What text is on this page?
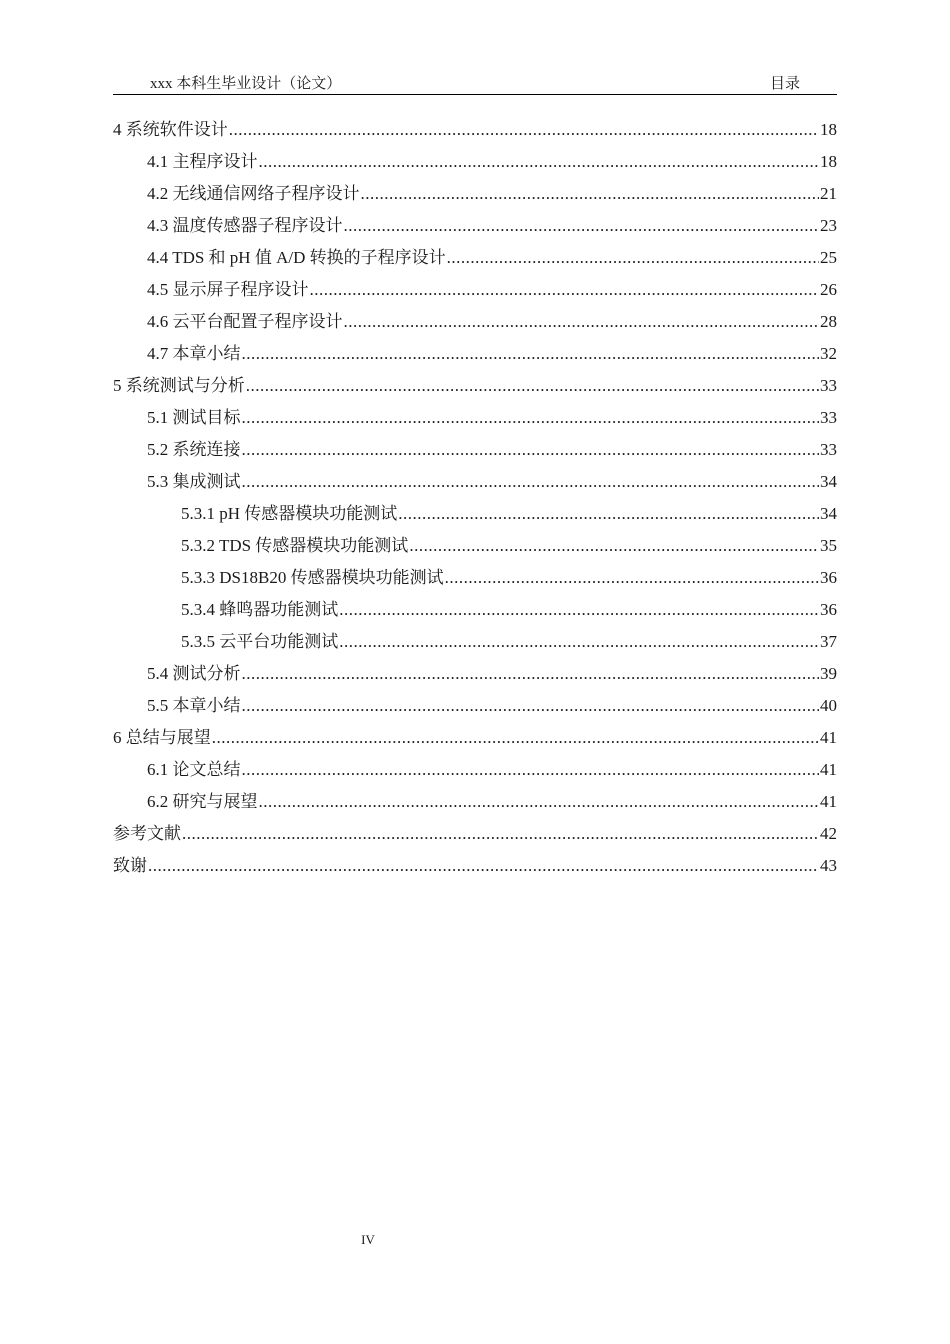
xxx 本科生毕业设计（论文）	目录
4 系统软件设计 .....	18
4.1 主程序设计 .....	18
4.2 无线通信网络子程序设计 .....	21
4.3 温度传感器子程序设计 .....	23
4.4 TDS 和 pH 值 A/D 转换的子程序设计 .....	25
4.5 显示屏子程序设计 .....	26
4.6 云平台配置子程序设计 .....	28
4.7 本章小结 .....	32
5 系统测试与分析 .....	33
5.1 测试目标 .....	33
5.2 系统连接 .....	33
5.3 集成测试 .....	34
5.3.1 pH 传感器模块功能测试 .....	34
5.3.2 TDS 传感器模块功能测试 .....	35
5.3.3 DS18B20 传感器模块功能测试 .....	36
5.3.4 蜂鸣器功能测试 .....	36
5.3.5 云平台功能测试 .....	37
5.4 测试分析 .....	39
5.5 本章小结 .....	40
6 总结与展望 .....	41
6.1 论文总结 .....	41
6.2 研究与展望 .....	41
参考文献 .....	42
致谢 .....	43
IV
